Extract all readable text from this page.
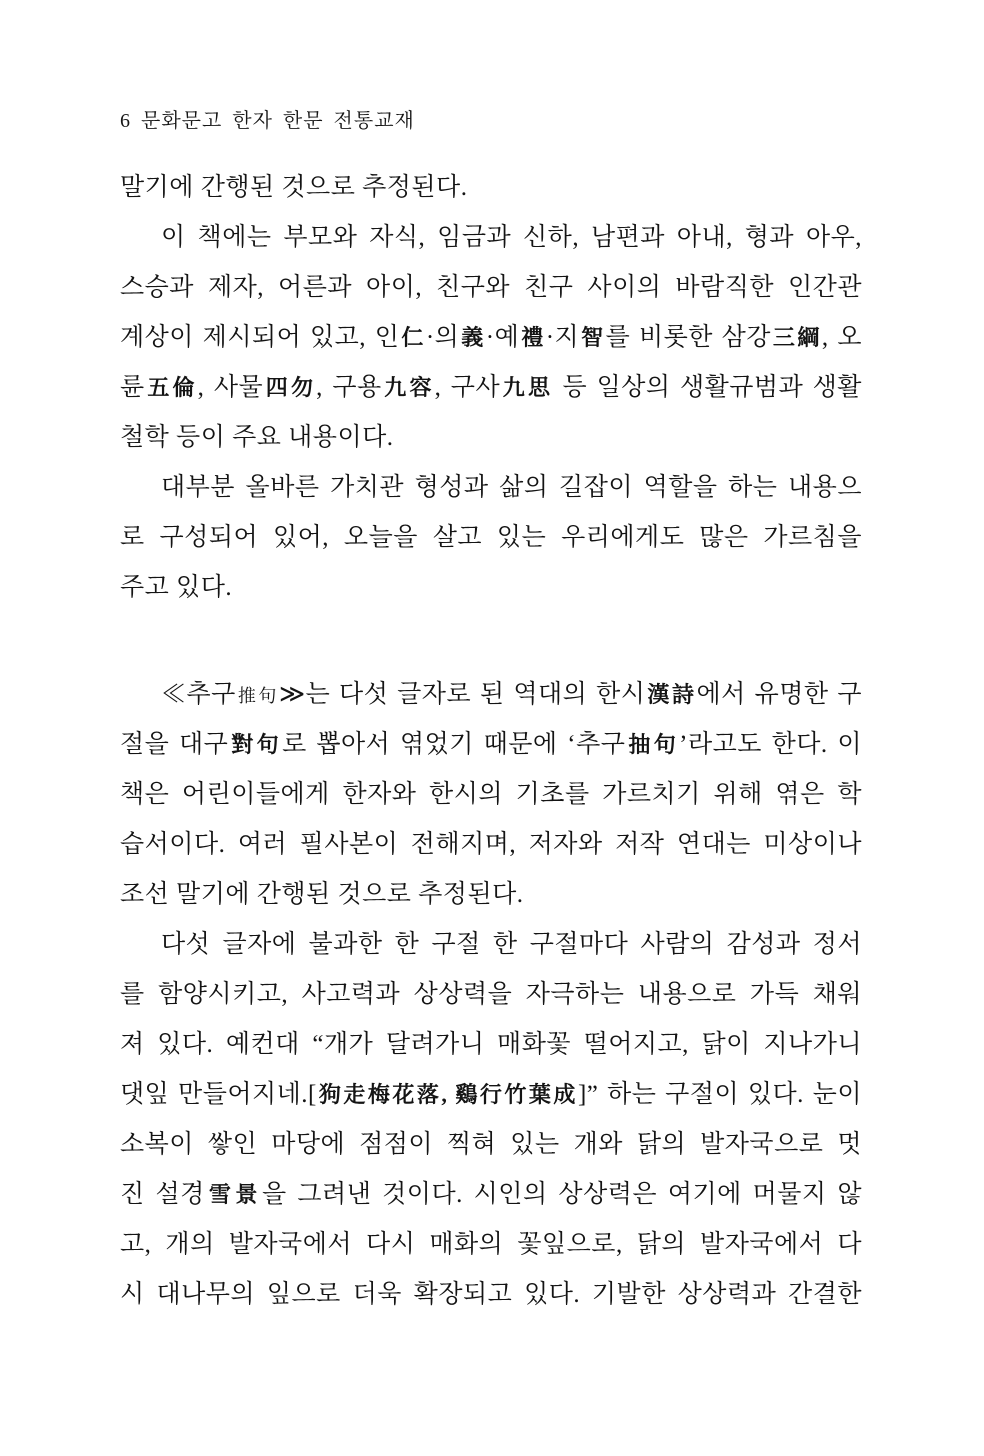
6 문화문고 한자 한문 전통교재
말기에 간행된 것으로 추정된다.
이 책에는 부모와 자식, 임금과 신하, 남편과 아내, 형과 아우,
스승과 제자, 어른과 아이, 친구와 친구 사이의 바람직한 인간관
계상이 제시되어 있고, 인仁·의義·예禮·지智를 비롯한 삼강三綱, 오
륜五倫, 사물四勿, 구용九容, 구사九思 등 일상의 생활규범과 생활
철학 등이 주요 내용이다.
대부분 올바른 가치관 형성과 삶의 길잡이 역할을 하는 내용으
로 구성되어 있어, 오늘을 살고 있는 우리에게도 많은 가르침을
주고 있다.
≪추구推句≫는 다섯 글자로 된 역대의 한시漢詩에서 유명한 구
절을 대구對句로 뽑아서 엮었기 때문에 ‘추구抽句’라고도 한다. 이
책은 어린이들에게 한자와 한시의 기초를 가르치기 위해 엮은 학
습서이다. 여러 필사본이 전해지며, 저자와 저작 연대는 미상이나
조선 말기에 간행된 것으로 추정된다.
다섯 글자에 불과한 한 구절 한 구절마다 사람의 감성과 정서
를 함양시키고, 사고력과 상상력을 자극하는 내용으로 가득 채워
져 있다. 예컨대 “개가 달려가니 매화꽃 떨어지고, 닭이 지나가니
댓잎 만들어지네.[狗走梅花落, 鷄行竹葉成]” 하는 구절이 있다. 눈이
소복이 쌓인 마당에 점점이 찍혀 있는 개와 닭의 발자국으로 멋
진 설경雪景을 그려낸 것이다. 시인의 상상력은 여기에 머물지 않
고, 개의 발자국에서 다시 매화의 꽃잎으로, 닭의 발자국에서 다
시 대나무의 잎으로 더욱 확장되고 있다. 기발한 상상력과 간결한
